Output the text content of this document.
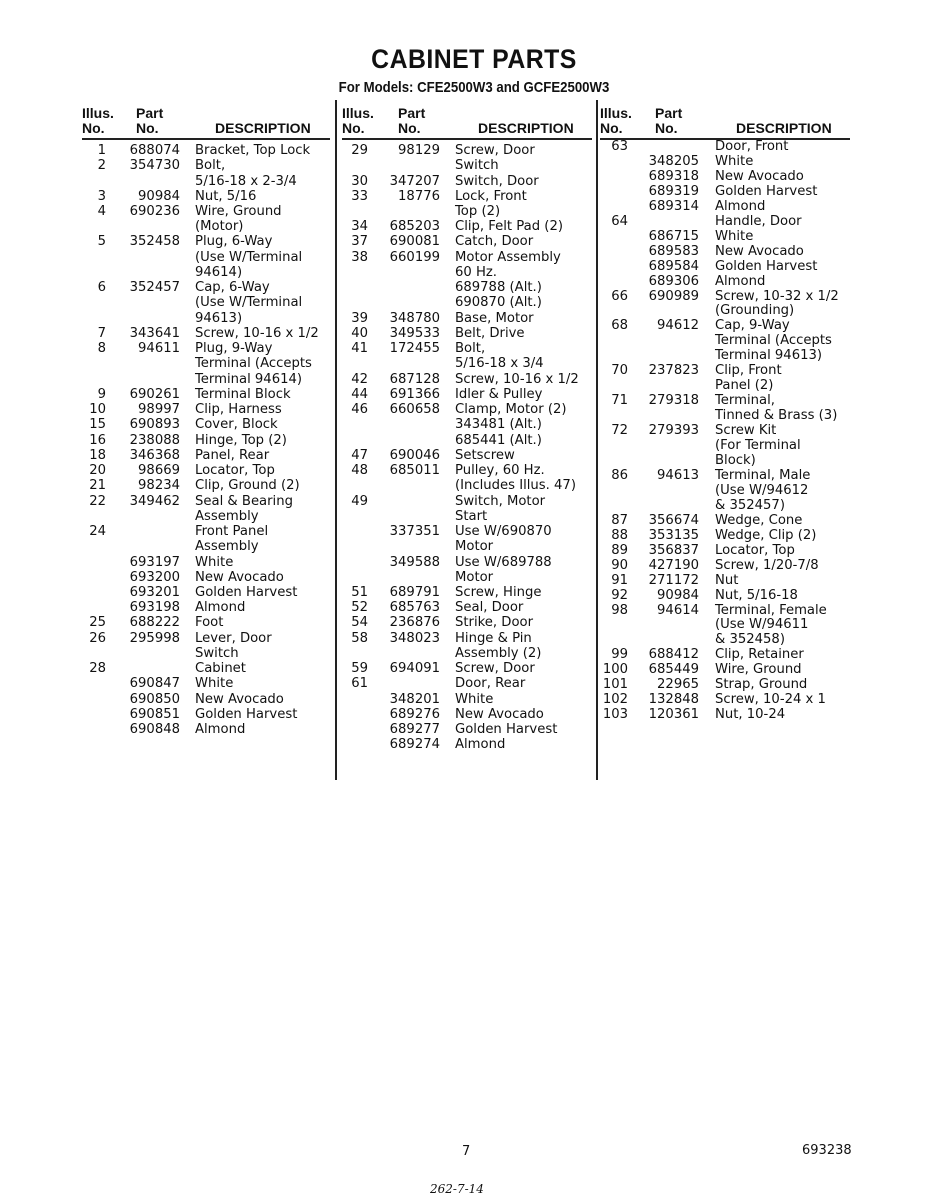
CABINET PARTS
For Models: CFE2500W3 and GCFE2500W3
Illus.
No.
Part
No.	DESCRIPTION
1	688074 Bracket, Top Lock
2	354730 Bolt,
5/16-18 x 2-3/4
3	90984 Nut, 5/16
4	690236 Wire, Ground
(Motor)
5	352458 Plug, 6-Way
(Use W/Terminal
94614)
6	352457 Cap, 6-Way
(Use W/Terminal
94613)
7	343641 Screw, 10-16 x 1/2
8	94611 Plug, 9-Way
Terminal (Accepts
Terminal 94614)
9	690261 Terminal Block
10	98997 Clip, Harness
15	690893 Cover, Block
16	238088 Hinge, Top (2)
18	346368 Panel, Rear
20	98669 Locator, Top
21	98234 Clip, Ground (2)
22	349462 Seal & Bearing
Assembly
24	Front Panel
Assembly
693197 White
693200 New Avocado
693201 Golden Harvest
693198 Almond
25	688222 Foot
26	295998 Lever, Door
Switch
28	Cabinet
690847 White
690850 New Avocado
690851 Golden Harvest
690848 Almond
Illus.
No.
Part
No.	DESCRIPTION
29	98129 Screw, Door
Switch
30	347207 Switch, Door
33	18776 Lock, Front
Top (2)
34	685203 Clip, Felt Pad (2)
37	690081 Catch, Door
38	660199 Motor Assembly
60 Hz.
689788 (Alt.)
690870 (Alt.)
39	348780 Base, Motor
40	349533 Belt, Drive
41	172455 Bolt,
5/16-18 x 3/4
42	687128 Screw, 10-16 x 1/2
44	691366 Idler & Pulley
46	660658 Clamp, Motor (2)
343481 (Alt.)
685441 (Alt.)
47	690046 Setscrew
48	685011 Pulley, 60 Hz.
(Includes Illus. 47)
49	Switch, Motor
Start
337351 Use W/690870
Motor
349588 Use W/689788
Motor
51	689791 Screw, Hinge
52	685763 Seal, Door
54	236876 Strike, Door
58	348023 Hinge & Pin
Assembly (2)
59	694091 Screw, Door
61	Door, Rear
348201 White
689276 New Avocado
689277 Golden Harvest
689274 Almond
Illus.
No.
Part
No.	DESCRIPTION
63	Door, Front
348205 White
689318 New Avocado
689319 Golden Harvest
689314 Almond
64	Handle, Door
686715 White
689583 New Avocado
689584 Golden Harvest
689306 Almond
66	690989 Screw, 10-32 x 1/2
(Grounding)
68	94612 Cap, 9-Way
Terminal (Accepts
Terminal 94613)
70	237823 Clip, Front
Panel (2)
71	279318 Terminal,
Tinned & Brass (3)
72	279393 Screw Kit
(For Terminal
Block)
86	94613 Terminal, Male
(Use W/94612
& 352457)
87	356674 Wedge, Cone
88	353135 Wedge, Clip (2)
89	356837 Locator, Top
90	427190 Screw, 1/20-7/8
91	271172 Nut
92	90984 Nut, 5/16-18
98	94614 Terminal, Female
(Use W/94611
& 352458)
99	688412 Clip, Retainer
100	685449 Wire, Ground
101	22965 Strap, Ground
102	132848 Screw, 10-24 x 1
103	120361 Nut, 10-24
7	693238
262-7-14
